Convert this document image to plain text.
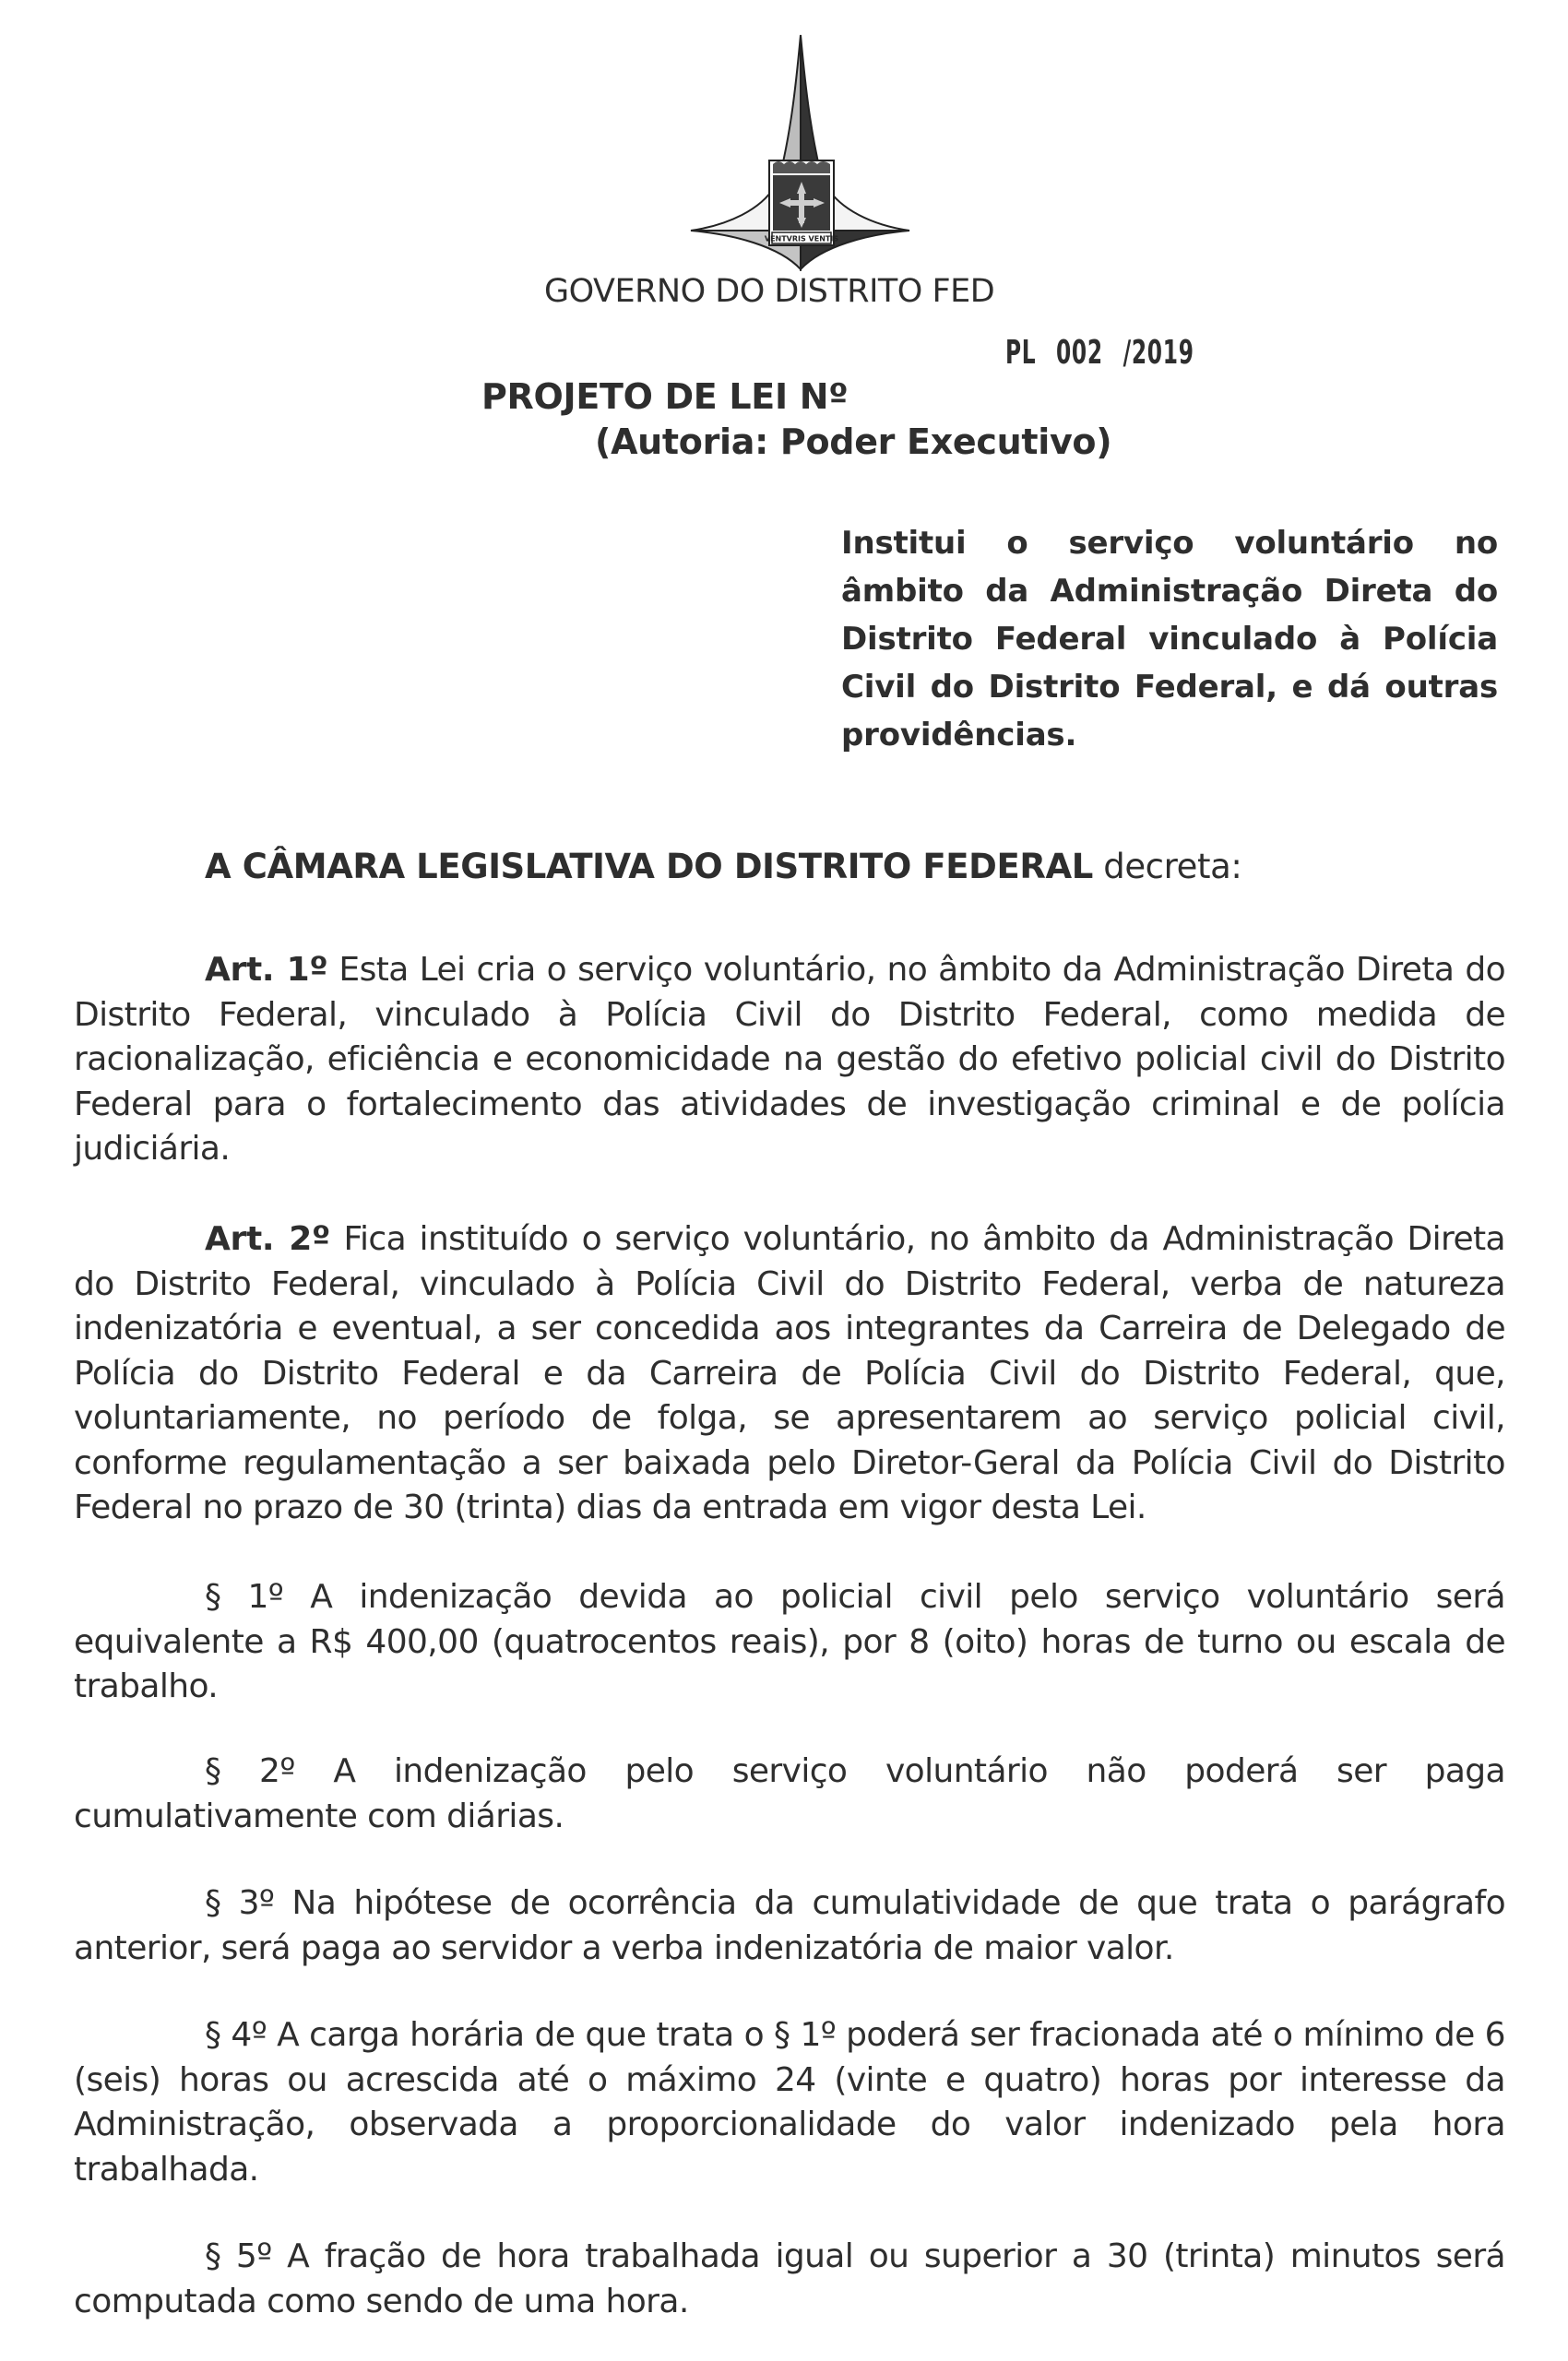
VENTVRIS VENTIS
GOVERNO DO DISTRITO FED
PL 002 /2019
PROJETO DE LEI Nº
(Autoria: Poder Executivo)
Institui o serviço voluntário no âmbito da Administração Direta do Distrito Federal vinculado à Polícia Civil do Distrito Federal, e dá outras providências.
A CÂMARA LEGISLATIVA DO DISTRITO FEDERAL decreta:
Art. 1º Esta Lei cria o serviço voluntário, no âmbito da Administração Direta do Distrito Federal, vinculado à Polícia Civil do Distrito Federal, como medida de racionalização, eficiência e economicidade na gestão do efetivo policial civil do Distrito Federal para o fortalecimento das atividades de investigação criminal e de polícia judiciária.
Art. 2º Fica instituído o serviço voluntário, no âmbito da Administração Direta do Distrito Federal, vinculado à Polícia Civil do Distrito Federal, verba de natureza indenizatória e eventual, a ser concedida aos integrantes da Carreira de Delegado de Polícia do Distrito Federal e da Carreira de Polícia Civil do Distrito Federal, que, voluntariamente, no período de folga, se apresentarem ao serviço policial civil, conforme regulamentação a ser baixada pelo Diretor-Geral da Polícia Civil do Distrito Federal no prazo de 30 (trinta) dias da entrada em vigor desta Lei.
§ 1º A indenização devida ao policial civil pelo serviço voluntário será equivalente a R$ 400,00 (quatrocentos reais), por 8 (oito) horas de turno ou escala de trabalho.
§ 2º A indenização pelo serviço voluntário não poderá ser paga cumulativamente com diárias.
§ 3º Na hipótese de ocorrência da cumulatividade de que trata o parágrafo anterior, será paga ao servidor a verba indenizatória de maior valor.
§ 4º A carga horária de que trata o § 1º poderá ser fracionada até o mínimo de 6 (seis) horas ou acrescida até o máximo 24 (vinte e quatro) horas por interesse da Administração, observada a proporcionalidade do valor indenizado pela hora trabalhada.
§ 5º A fração de hora trabalhada igual ou superior a 30 (trinta) minutos será computada como sendo de uma hora.
